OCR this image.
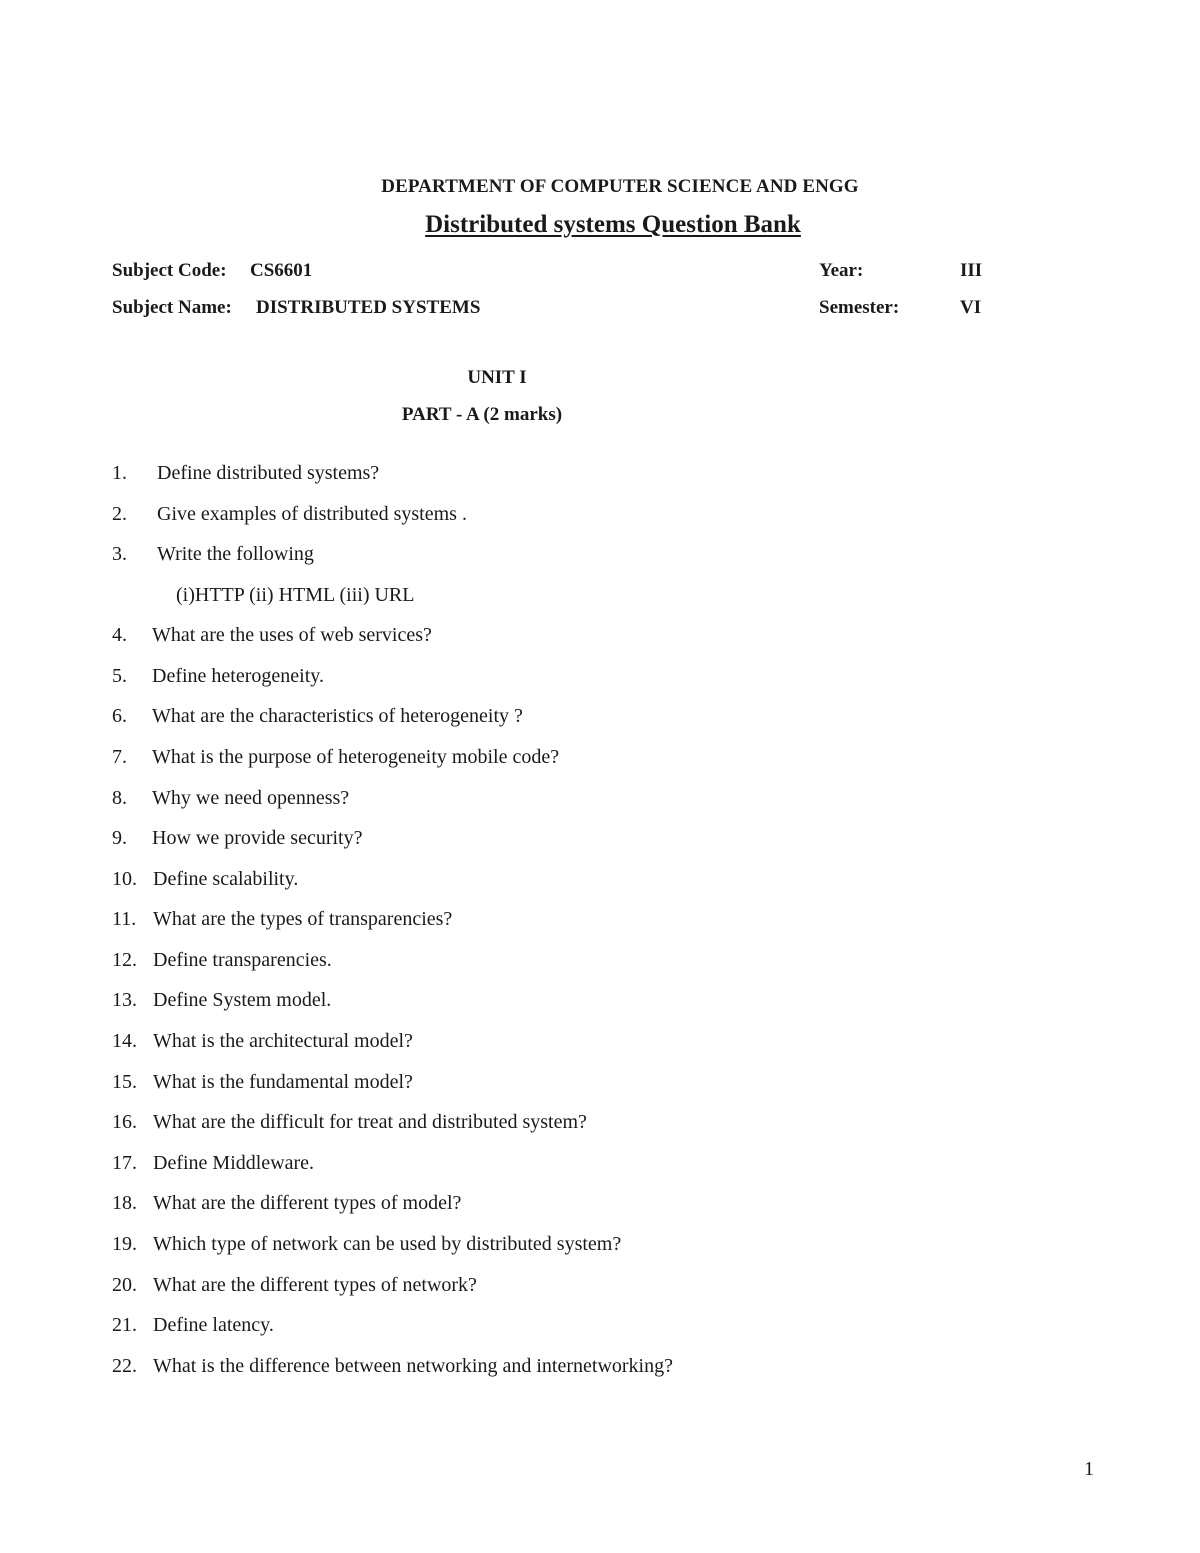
DEPARTMENT OF COMPUTER SCIENCE AND ENGG
Distributed systems Question Bank
Subject Code: CS6601	Year:	III
Subject Name: DISTRIBUTED SYSTEMS	Semester:	VI
UNIT I
PART - A (2 marks)
1. Define distributed systems?
2. Give examples of distributed systems .
3. Write the following
(i)HTTP (ii) HTML (iii) URL
4. What are the uses of web services?
5. Define heterogeneity.
6. What are the characteristics of heterogeneity ?
7. What is the purpose of heterogeneity mobile code?
8. Why we need openness?
9. How we provide security?
10. Define scalability.
11. What are the types of transparencies?
12. Define transparencies.
13. Define System model.
14. What is the architectural model?
15. What is the fundamental model?
16. What are the difficult for treat and distributed system?
17. Define Middleware.
18. What are the different types of model?
19. Which type of network can be used by distributed system?
20. What are the different types of network?
21. Define latency.
22. What is the difference between networking and internetworking?
1
